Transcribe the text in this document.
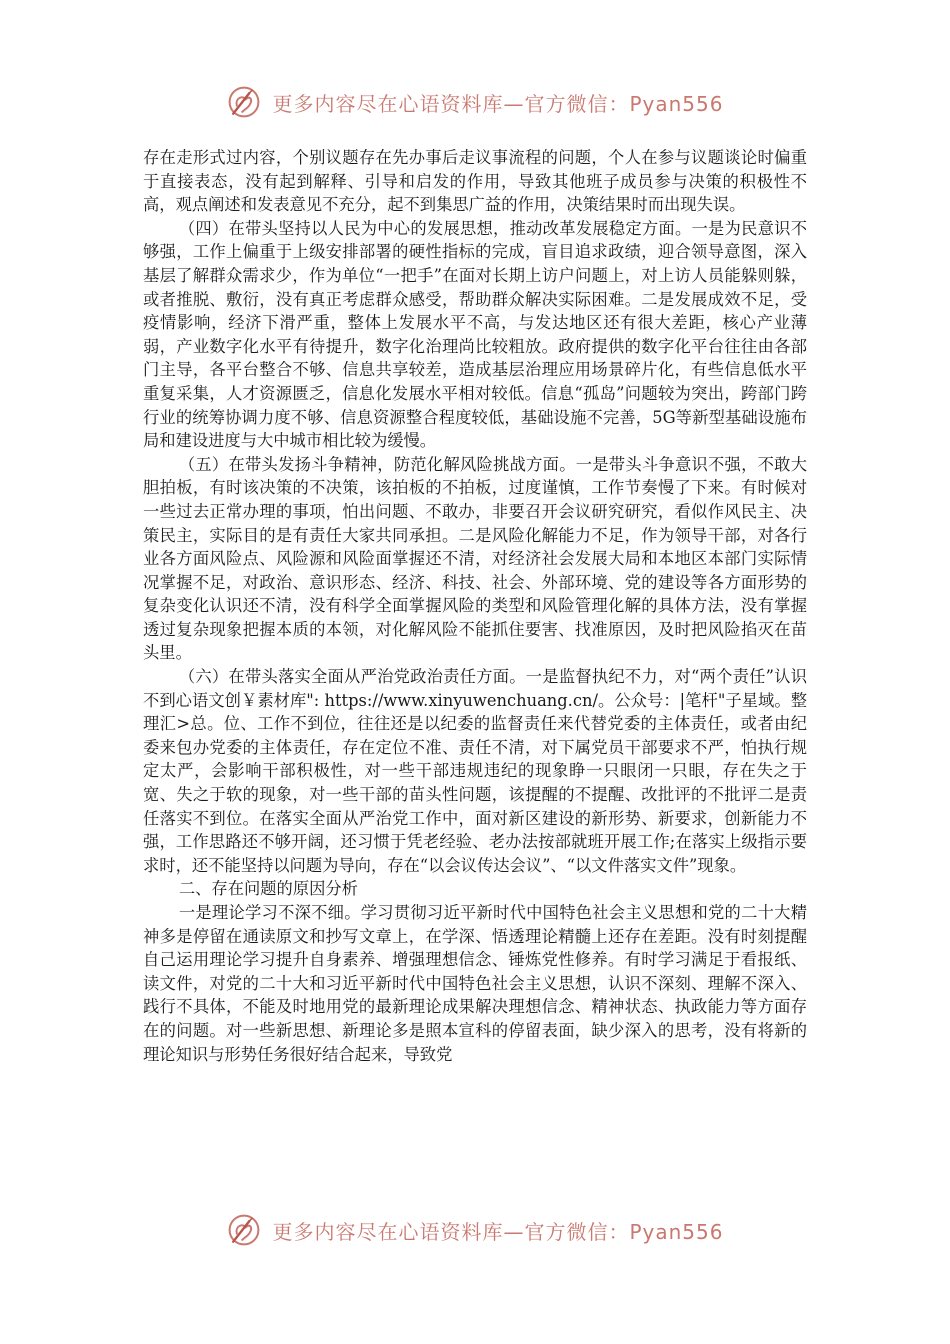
更多内容尽在心语资料库—官方微信：Pyan556

存在走形式过内容，个别议题存在先办事后走议事流程的问题，个人在参与议题谈论时偏重于直接表态，没有起到解释、引导和启发的作用，导致其他班子成员参与决策的积极性不高，观点阐述和发表意见不充分，起不到集思广益的作用，决策结果时而出现失误。

（四）在带头坚持以人民为中心的发展思想，推动改革发展稳定方面。一是为民意识不够强，工作上偏重于上级安排部署的硬性指标的完成，盲目追求政绩，迎合领导意图，深入基层了解群众需求少，作为单位“一把手”在面对长期上访户问题上，对上访人员能躲则躲，或者推脱、敷衍，没有真正考虑群众感受，帮助群众解决实际困难。二是发展成效不足，受疫情影响，经济下滑严重，整体上发展水平不高，与发达地区还有很大差距，核心产业薄弱，产业数字化水平有待提升，数字化治理尚比较粗放。政府提供的数字化平台往往由各部门主导，各平台整合不够、信息共享较差，造成基层治理应用场景碎片化，有些信息低水平重复采集，人才资源匮乏，信息化发展水平相对较低。信息“孤岛”问题较为突出，跨部门跨行业的统筹协调力度不够、信息资源整合程度较低，基础设施不完善，5G等新型基础设施布局和建设进度与大中城市相比较为缓慢。

（五）在带头发扬斗争精神，防范化解风险挑战方面。一是带头斗争意识不强，不敢大胆拍板，有时该决策的不决策，该拍板的不拍板，过度谨慎，工作节奏慢了下来。有时候对一些过去正常办理的事项，怕出问题、不敢办，非要召开会议研究研究，看似作风民主、决策民主，实际目的是有责任大家共同承担。二是风险化解能力不足，作为领导干部，对各行业各方面风险点、风险源和风险面掌握还不清，对经济社会发展大局和本地区本部门实际情况掌握不足，对政治、意识形态、经济、科技、社会、外部环境、党的建设等各方面形势的复杂变化认识还不清，没有科学全面掌握风险的类型和风险管理化解的具体方法，没有掌握透过复杂现象把握本质的本领，对化解风险不能抓住要害、找准原因，及时把风险掐灭在苗头里。

（六）在带头落实全面从严治党政治责任方面。一是监督执纪不力，对“两个责任”认识不到心语文创￥素材库": https://www.xinyuwenchuang.cn/。公众号：|笔杆"子星域。整理汇>总。位、工作不到位，往往还是以纪委的监督责任来代替党委的主体责任，或者由纪委来包办党委的主体责任，存在定位不准、责任不清，对下属党员干部要求不严，怕执行规定太严，会影响干部积极性，对一些干部违规违纪的现象睁一只眼闭一只眼，存在失之于宽、失之于软的现象，对一些干部的苗头性问题，该提醒的不提醒、改批评的不批评二是责任落实不到位。在落实全面从严治党工作中，面对新区建设的新形势、新要求，创新能力不强，工作思路还不够开阔，还习惯于凭老经验、老办法按部就班开展工作;在落实上级指示要求时，还不能坚持以问题为导向，存在“以会议传达会议”、“以文件落实文件”现象。

二、存在问题的原因分析

一是理论学习不深不细。学习贯彻习近平新时代中国特色社会主义思想和党的二十大精神多是停留在通读原文和抄写文章上，在学深、悟透理论精髓上还存在差距。没有时刻提醒自己运用理论学习提升自身素养、增强理想信念、锤炼党性修养。有时学习满足于看报纸、读文件，对党的二十大和习近平新时代中国特色社会主义思想，认识不深刻、理解不深入、践行不具体，不能及时地用党的最新理论成果解决理想信念、精神状态、执政能力等方面存在的问题。对一些新思想、新理论多是照本宣科的停留表面，缺少深入的思考，没有将新的理论知识与形势任务很好结合起来，导致党

更多内容尽在心语资料库—官方微信：Pyan556
